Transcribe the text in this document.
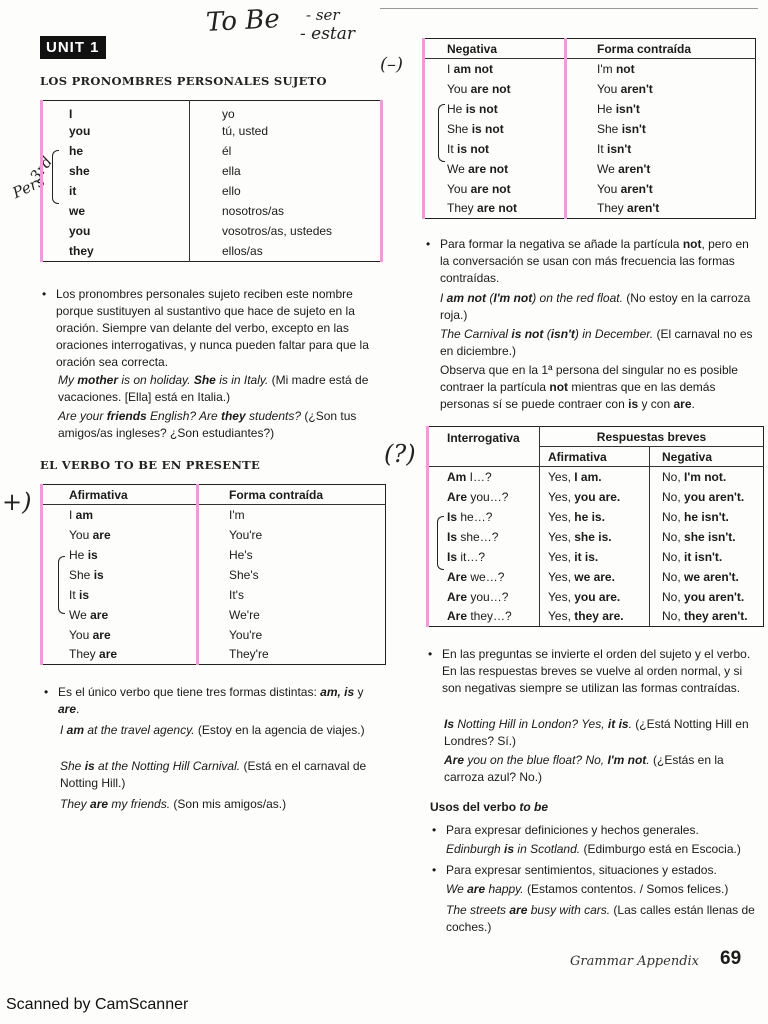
To Be - ser
- estar
(–)
(?)
+)
3rd
Pers
UNIT 1
LOS PRONOMBRES PERSONALES SUJETO
I	yo
you	tú, usted
he	él
she	ella
it	ello
we	nosotros/as
you	vosotros/as, ustedes
they	ellos/as
• Los pronombres personales sujeto reciben este nombre porque sustituyen al sustantivo que hace de sujeto en la oración. Siempre van delante del verbo, excepto en las oraciones interrogativas, y nunca pueden faltar para que la oración sea correcta.
My mother is on holiday. She is in Italy. (Mi madre está de vacaciones. [Ella] está en Italia.)
Are your friends English? Are they students? (¿Son tus amigos/as ingleses? ¿Son estudiantes?)
EL VERBO TO BE EN PRESENTE
Afirmativa	Forma contraída
I am	I'm
You are	You're
He is	He's
She is	She's
It is	It's
We are	We're
You are	You're
They are	They're
• Es el único verbo que tiene tres formas distintas: am, is y are.
I am at the travel agency. (Estoy en la agencia de viajes.)
She is at the Notting Hill Carnival. (Está en el carnaval de Notting Hill.)
They are my friends. (Son mis amigos/as.)
Negativa	Forma contraída
I am not	I'm not
You are not	You aren't
He is not	He isn't
She is not	She isn't
It is not	It isn't
We are not	We aren't
You are not	You aren't
They are not	They aren't
• Para formar la negativa se añade la partícula not, pero en la conversación se usan con más frecuencia las formas contraídas.
I am not (I'm not) on the red float. (No estoy en la carroza roja.)
The Carnival is not (isn't) in December. (El carnaval no es en diciembre.)
Observa que en la 1ª persona del singular no es posible contraer la partícula not mientras que en las demás personas sí se puede contraer con is y con are.
Interrogativa	Respuestas breves	
	Afirmativa	Negativa
Am I…?	Yes, I am.	No, I'm not.
Are you…?	Yes, you are.	No, you aren't.
Is he…?	Yes, he is.	No, he isn't.
Is she…?	Yes, she is.	No, she isn't.
Is it…?	Yes, it is.	No, it isn't.
Are we…?	Yes, we are.	No, we aren't.
Are you…?	Yes, you are.	No, you aren't.
Are they…?	Yes, they are.	No, they aren't.
• En las preguntas se invierte el orden del sujeto y el verbo. En las respuestas breves se vuelve al orden normal, y si son negativas siempre se utilizan las formas contraídas.
Is Notting Hill in London? Yes, it is. (¿Está Notting Hill en Londres? Sí.)
Are you on the blue float? No, I'm not. (¿Estás en la carroza azul? No.)
Usos del verbo to be
• Para expresar definiciones y hechos generales.
Edinburgh is in Scotland. (Edimburgo está en Escocia.)
• Para expresar sentimientos, situaciones y estados.
We are happy. (Estamos contentos. / Somos felices.)
The streets are busy with cars. (Las calles están llenas de coches.)
Grammar Appendix 69
Scanned by CamScanner
